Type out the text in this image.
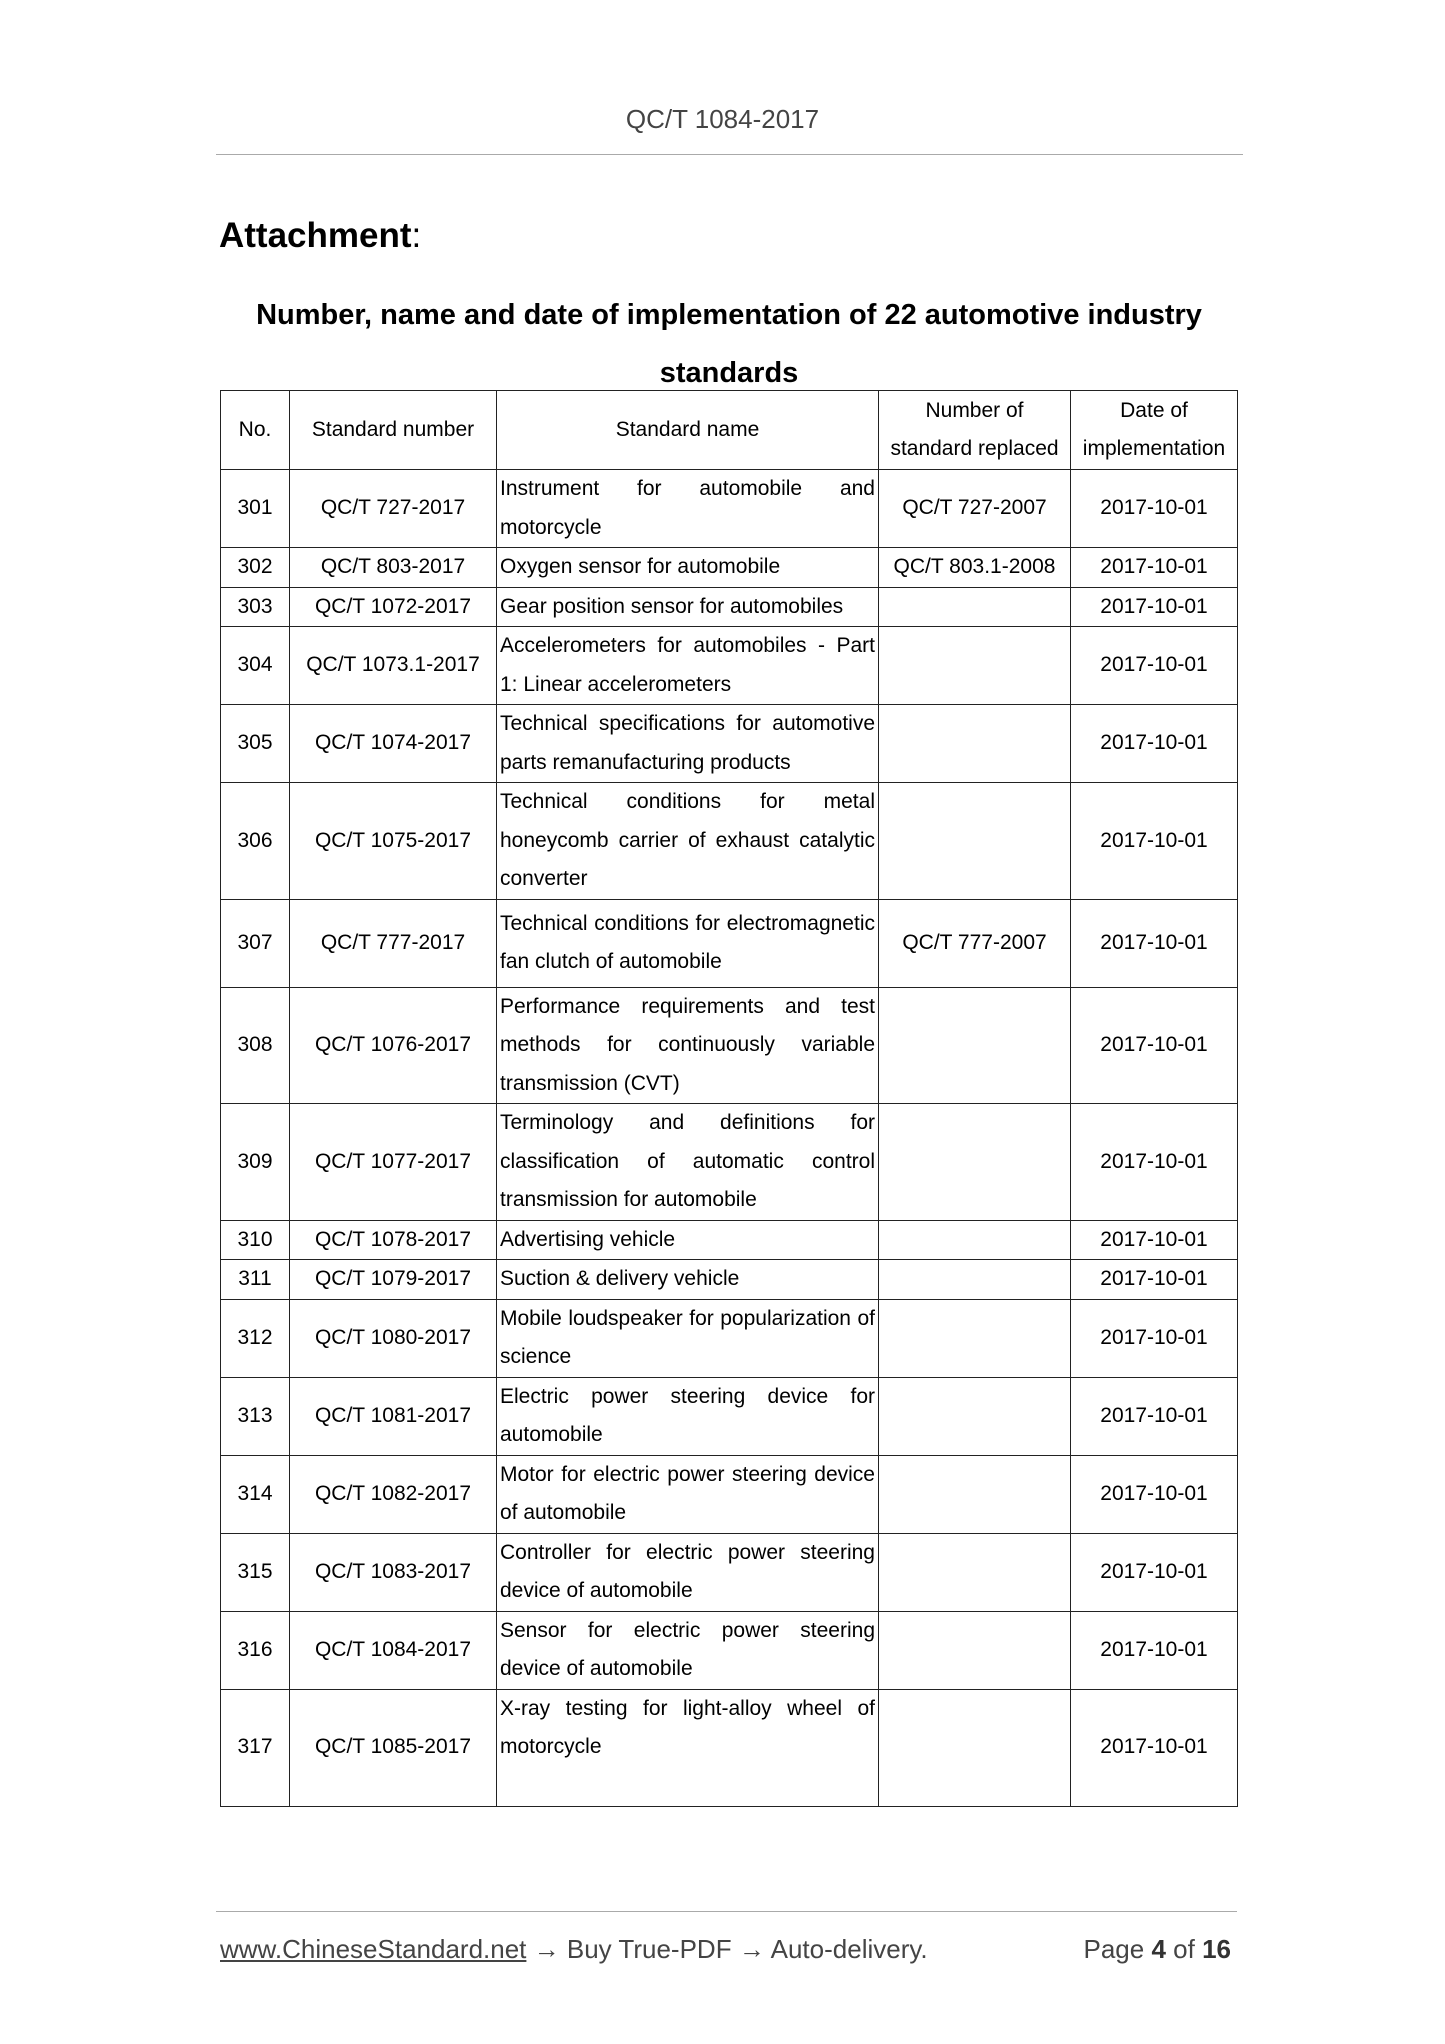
QC/T 1084-2017
Attachment:
Number, name and date of implementation of 22 automotive industry standards
No.	Standard number	Standard name	Number of standard replaced	Date of implementation
301	QC/T 727-2017	Instrument for automobile and motorcycle	QC/T 727-2007	2017-10-01
302	QC/T 803-2017	Oxygen sensor for automobile	QC/T 803.1-2008	2017-10-01
303	QC/T 1072-2017	Gear position sensor for automobiles		2017-10-01
304	QC/T 1073.1-2017	Accelerometers for automobiles - Part 1: Linear accelerometers		2017-10-01
305	QC/T 1074-2017	Technical specifications for automotive parts remanufacturing products		2017-10-01
306	QC/T 1075-2017	Technical conditions for metal honeycomb carrier of exhaust catalytic converter		2017-10-01
307	QC/T 777-2017	Technical conditions for electromagnetic fan clutch of automobile	QC/T 777-2007	2017-10-01
308	QC/T 1076-2017	Performance requirements and test methods for continuously variable transmission (CVT)		2017-10-01
309	QC/T 1077-2017	Terminology and definitions for classification of automatic control transmission for automobile		2017-10-01
310	QC/T 1078-2017	Advertising vehicle		2017-10-01
311	QC/T 1079-2017	Suction & delivery vehicle		2017-10-01
312	QC/T 1080-2017	Mobile loudspeaker for popularization of science		2017-10-01
313	QC/T 1081-2017	Electric power steering device for automobile		2017-10-01
314	QC/T 1082-2017	Motor for electric power steering device of automobile		2017-10-01
315	QC/T 1083-2017	Controller for electric power steering device of automobile		2017-10-01
316	QC/T 1084-2017	Sensor for electric power steering device of automobile		2017-10-01
317	QC/T 1085-2017	X-ray testing for light-alloy wheel of motorcycle		2017-10-01
www.ChineseStandard.net → Buy True-PDF → Auto-delivery.	Page 4 of 16
